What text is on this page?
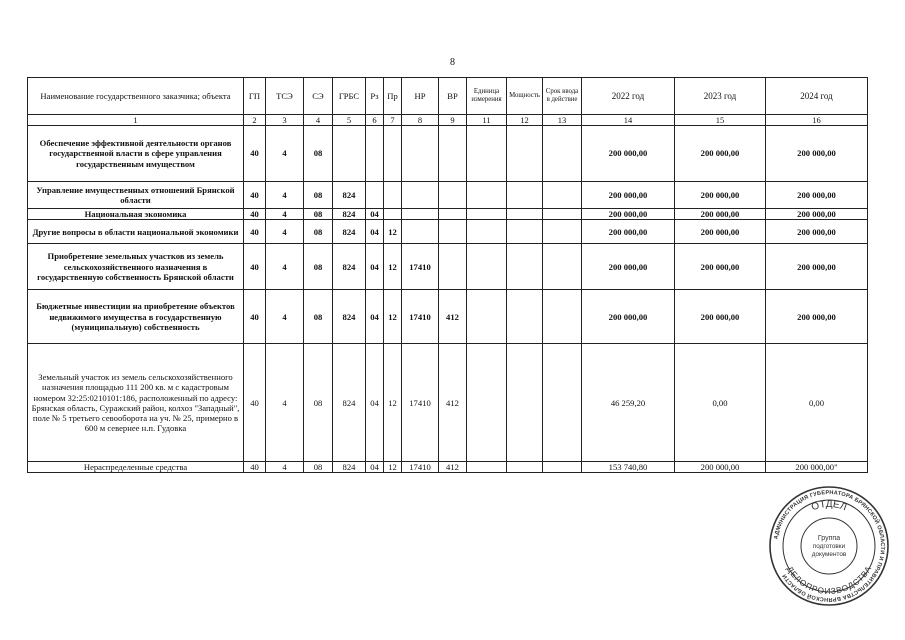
8
Наименование государственного заказчика; объекта	ГП	ТСЭ	СЭ	ГРБС	Рз	Пр	НР	ВР	Единица измерения	Мощность	Срок ввода в действие	2022 год	2023 год	2024 год
1	2	3	4	5	6	7	8	9	11	12	13	14	15	16
Обеспечение эффективной деятельности органов государственной власти в сфере управления государственным имуществом	40	4	08									200 000,00	200 000,00	200 000,00
Управление имущественных отношений Брянской области	40	4	08	824								200 000,00	200 000,00	200 000,00
Национальная экономика	40	4	08	824	04							200 000,00	200 000,00	200 000,00
Другие вопросы в области национальной экономики	40	4	08	824	04	12						200 000,00	200 000,00	200 000,00
Приобретение земельных участков из земель сельскохозяйственного назначения в государственную собственность Брянской области	40	4	08	824	04	12	17410					200 000,00	200 000,00	200 000,00
Бюджетные инвестиции на приобретение объектов недвижимого имущества в государственную (муниципальную) собственность	40	4	08	824	04	12	17410	412				200 000,00	200 000,00	200 000,00
Земельный участок из земель сельскохозяйственного назначения площадью 111 200 кв. м с кадастровым номером 32:25:0210101:186, расположенный по адресу: Брянская область, Суражский район, колхоз "Западный", поле № 5 третьего севооборота на уч. № 25, примерно в 600 м севернее н.п. Гудовка	40	4	08	824	04	12	17410	412				46 259,20	0,00	0,00
Нераспределенные средства	40	4	08	824	04	12	17410	412				153 740,80	200 000,00	200 000,00"
АДМИНИСТРАЦИЯ ГУБЕРНАТОРА БРЯНСКОЙ ОБЛАСТИ И ПРАВИТЕЛЬСТВА БРЯНСКОЙ ОБЛАСТИ
ОТДЕЛ
ДЕЛОПРОИЗВОДСТВА
Группа
подготовки
документов
